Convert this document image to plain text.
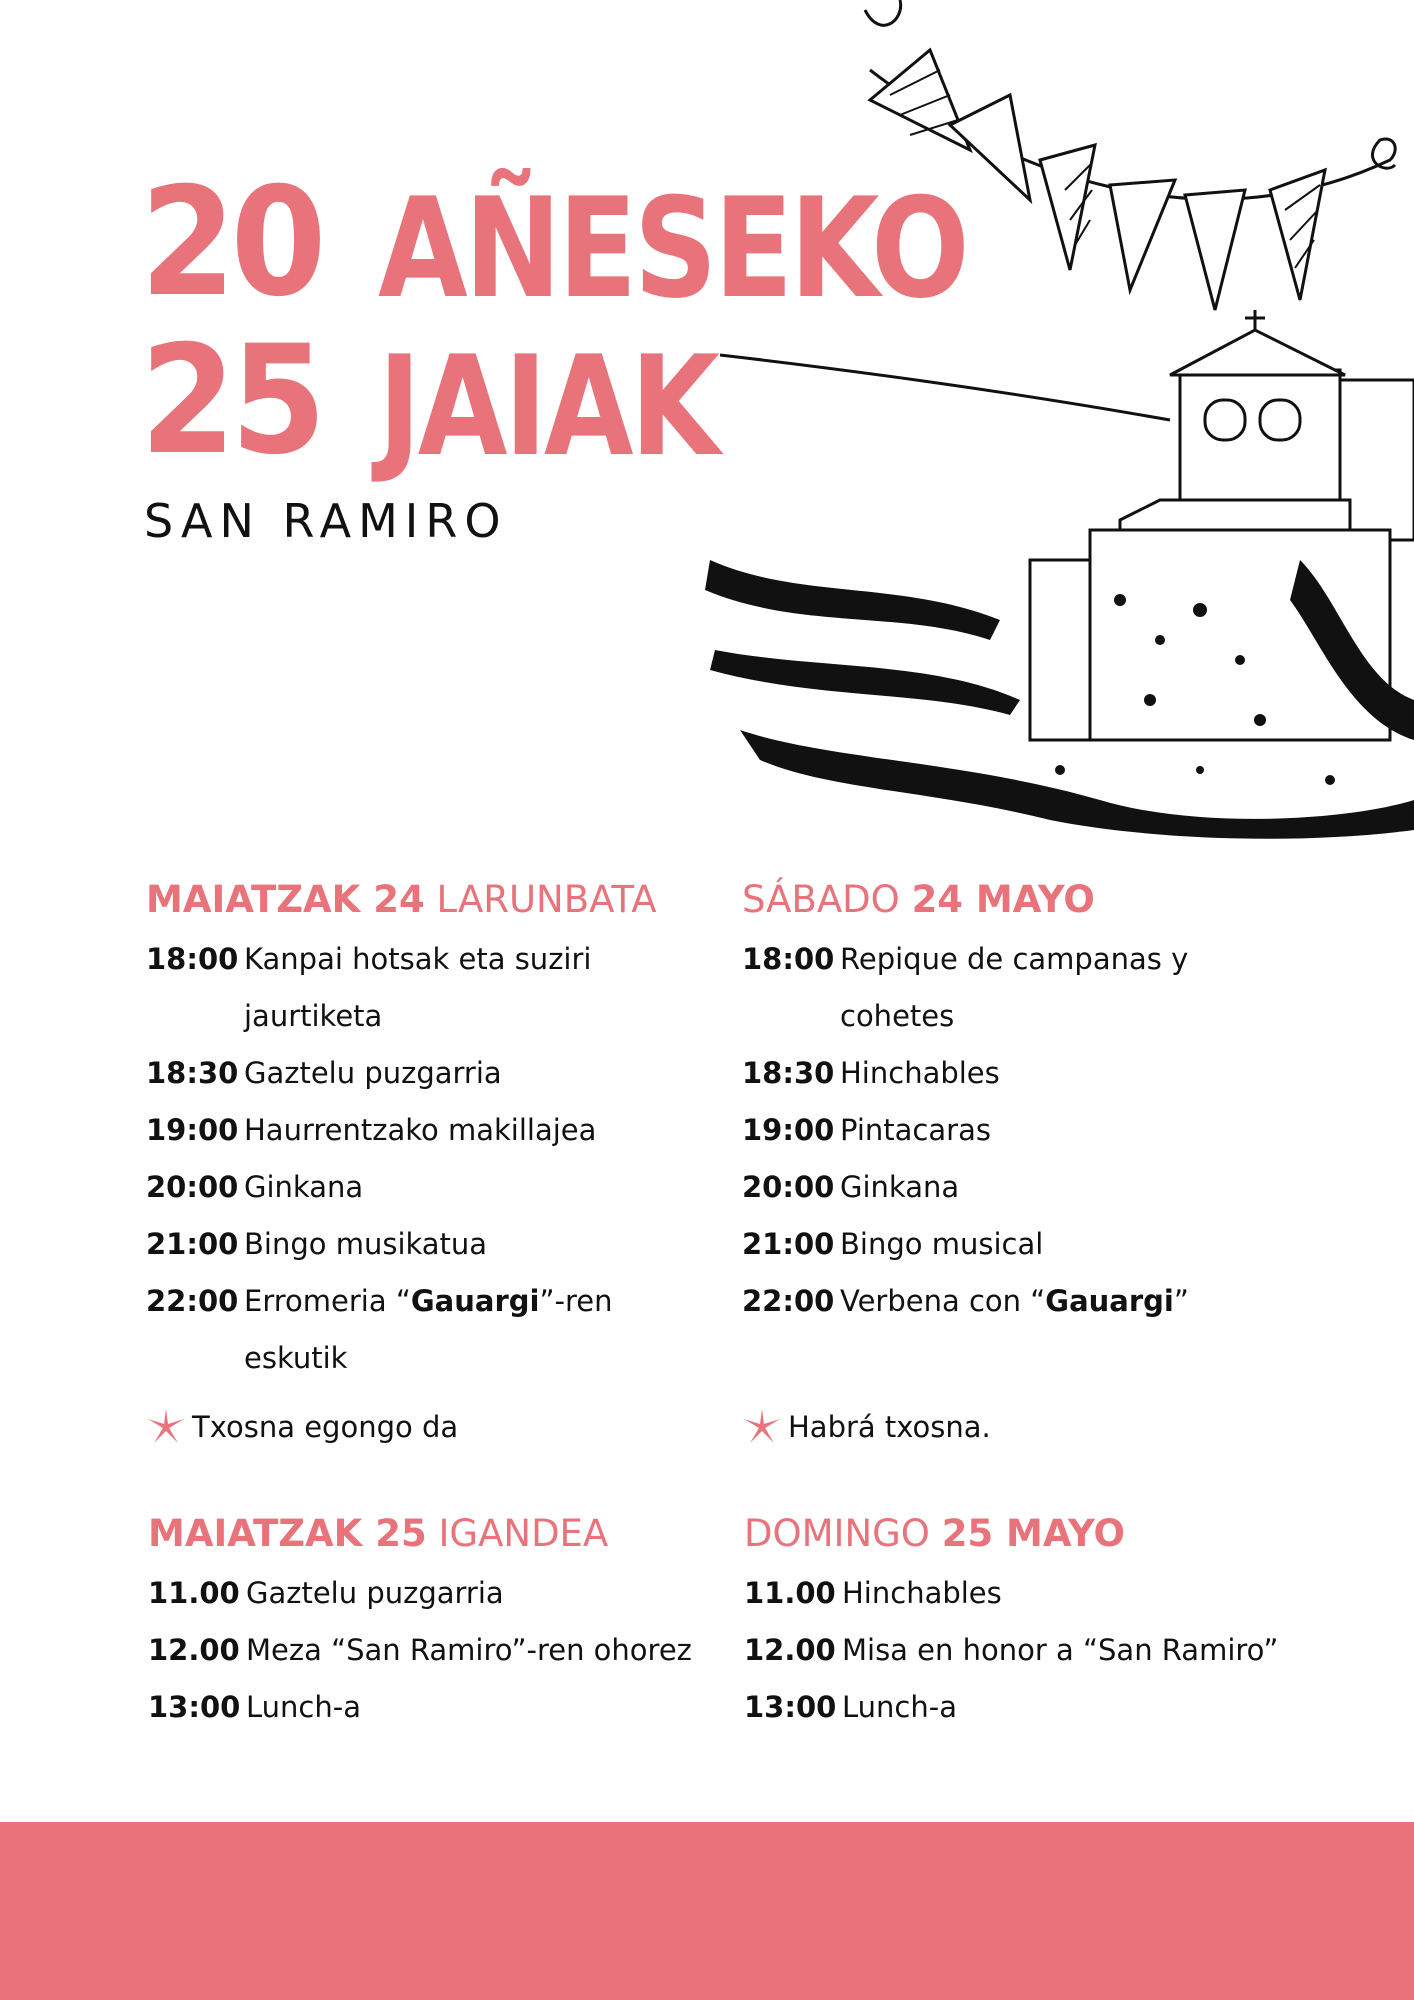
20 AÑESEKO
25 JAIAK
SAN RAMIRO
MAIATZAK 24 LARUNBATA
18:00 Kanpai hotsak eta suziri jaurtiketa
18:30 Gaztelu puzgarria
19:00 Haurrentzako makillajea
20:00 Ginkana
21:00 Bingo musikatua
22:00 Erromeria “Gauargi”-ren eskutik
Txosna egongo da
SÁBADO 24 MAYO
18:00 Repique de campanas y cohetes
18:30 Hinchables
19:00 Pintacaras
20:00 Ginkana
21:00 Bingo musical
22:00 Verbena con “Gauargi”
Habrá txosna.
MAIATZAK 25 IGANDEA
11.00 Gaztelu puzgarria
12.00 Meza “San Ramiro”-ren ohorez
13:00 Lunch-a
DOMINGO 25 MAYO
11.00 Hinchables
12.00 Misa en honor a “San Ramiro”
13:00 Lunch-a
